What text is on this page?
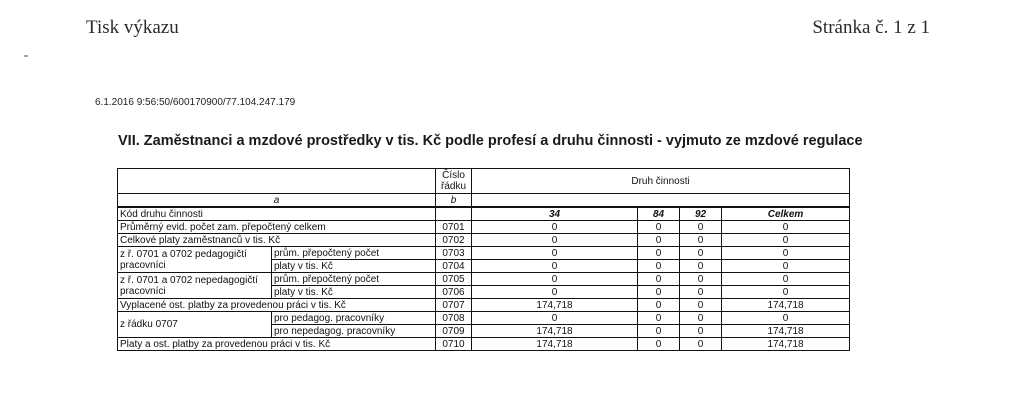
Tisk výkazu	Stránka č. 1 z 1
6.1.2016 9:56:50/600170900/77.104.247.179
VII. Zaměstnanci a mzdové prostředky v tis. Kč podle profesí a druhu činnosti - vyjmuto ze mzdové regulace
		Číslo řádku	Druh činnosti			
a		b				
Kód druhu činnosti			34	84	92	Celkem
Průměrný evid. počet zam. přepočtený celkem		0701	0	0	0	0
Celkové platy zaměstnanců v tis. Kč		0702	0	0	0	0
z ř. 0701 a 0702 pedagogičtí pracovníci	prům. přepočtený počet	0703	0	0	0	0
	platy v tis. Kč	0704	0	0	0	0
z ř. 0701 a 0702 nepedagogičtí pracovníci	prům. přepočtený počet	0705	0	0	0	0
	platy v tis. Kč	0706	0	0	0	0
Vyplacené ost. platby za provedenou práci v tis. Kč		0707	174,718	0	0	174,718
z řádku 0707	pro pedagog. pracovníky	0708	0	0	0	0
	pro nepedagog. pracovníky	0709	174,718	0	0	174,718
Platy a ost. platby za provedenou práci v tis. Kč		0710	174,718	0	0	174,718
